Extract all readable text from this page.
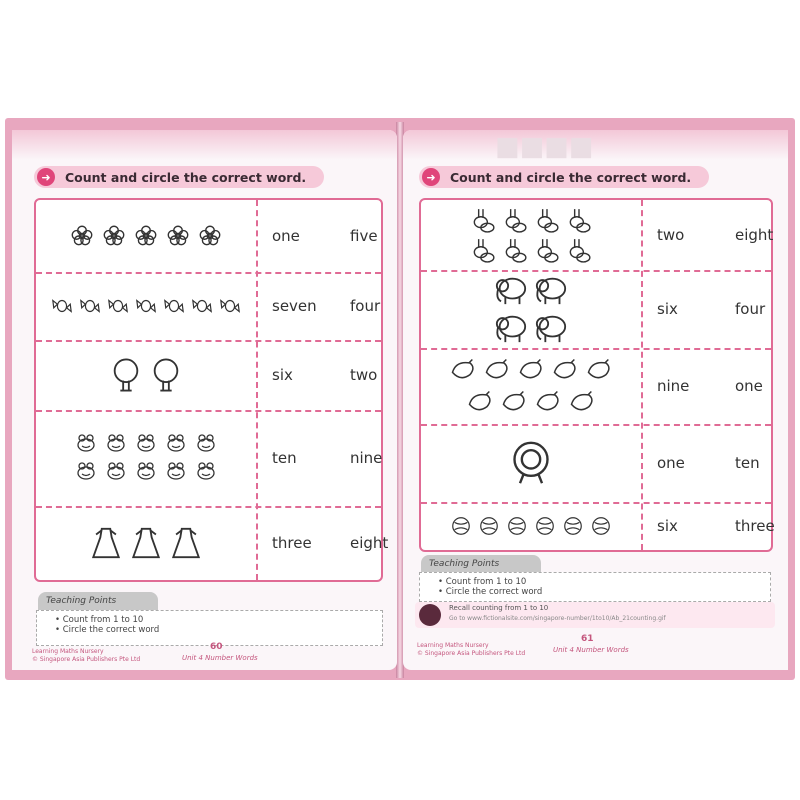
➜	Count and circle the correct word.
one	five
seven four
six	two
ten	nine
three	eight
Teaching Points
• Count from 1 to 10
• Circle the correct word
Learning Maths Nursery
© Singapore Asia Publishers Pte Ltd
60
Unit 4 Number Words
■■■■
➜	Count and circle the correct word.
two	eight
six	four
nine	one
one	ten
six	three
Teaching Points
• Count from 1 to 10
• Circle the correct word
Recall counting from 1 to 10
Go to www.fictionalsite.com/singapore-number/1to10/Ab_21counting.gif
Learning Maths Nursery
© Singapore Asia Publishers Pte Ltd
61
Unit 4 Number Words
